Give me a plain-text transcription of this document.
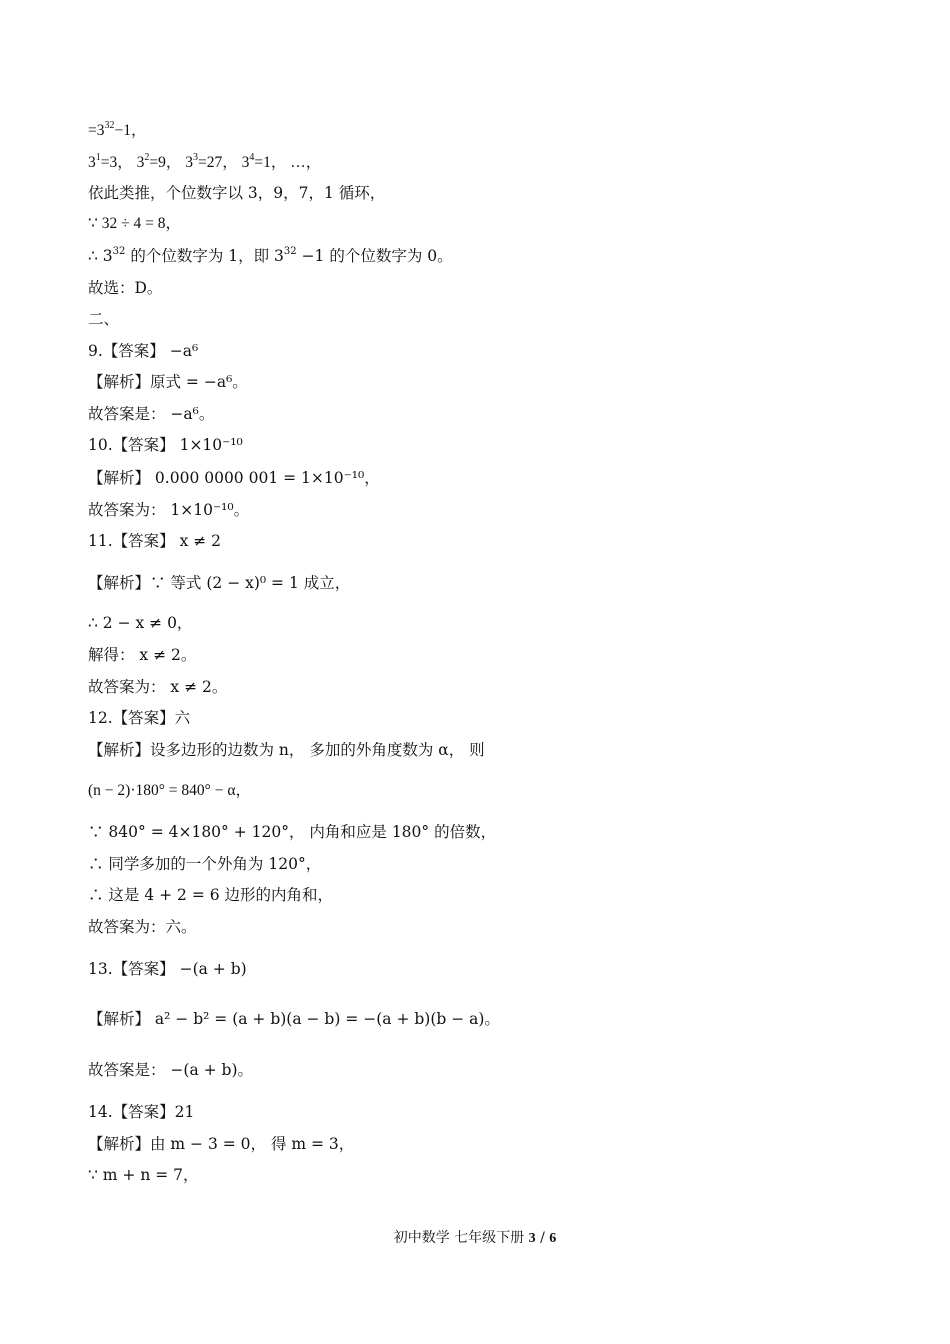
$=3^{32}-1$，
$3^1=3$， $3^2=9$， $3^3=27$， $3^4=1$， …，
依此类推，个位数字以 3，9，7，1 循环，
∵ 32 ÷ 4 = 8，
∴ $3^{32}$ 的个位数字为 1，即 $3^{32} -1$ 的个位数字为 0。
故选：D。
二、
9.【答案】 −a⁶
【解析】原式 = −a⁶。
故答案是： −a⁶。
10.【答案】 1×10⁻¹⁰
【解析】 0.000 0000 001 = 1×10⁻¹⁰，
故答案为： 1×10⁻¹⁰。
11.【答案】 x ≠ 2
【解析】∵ 等式 (2 − x)⁰ = 1 成立，
∴ 2 − x ≠ 0，
解得： x ≠ 2。
故答案为： x ≠ 2。
12.【答案】六
【解析】设多边形的边数为 n， 多加的外角度数为 α， 则
(n − 2)·180° = 840° − α，
∵ 840° = 4×180° + 120°， 内角和应是 180° 的倍数，
∴ 同学多加的一个外角为 120°，
∴ 这是 4 + 2 = 6 边形的内角和，
故答案为：六。
13.【答案】 −(a + b)
【解析】 a² − b² = (a + b)(a − b) = −(a + b)(b − a)。
故答案是： −(a + b)。
14.【答案】21
【解析】由 m − 3 = 0， 得 m = 3，
∵ m + n = 7，
初中数学 七年级下册 3 / 6
